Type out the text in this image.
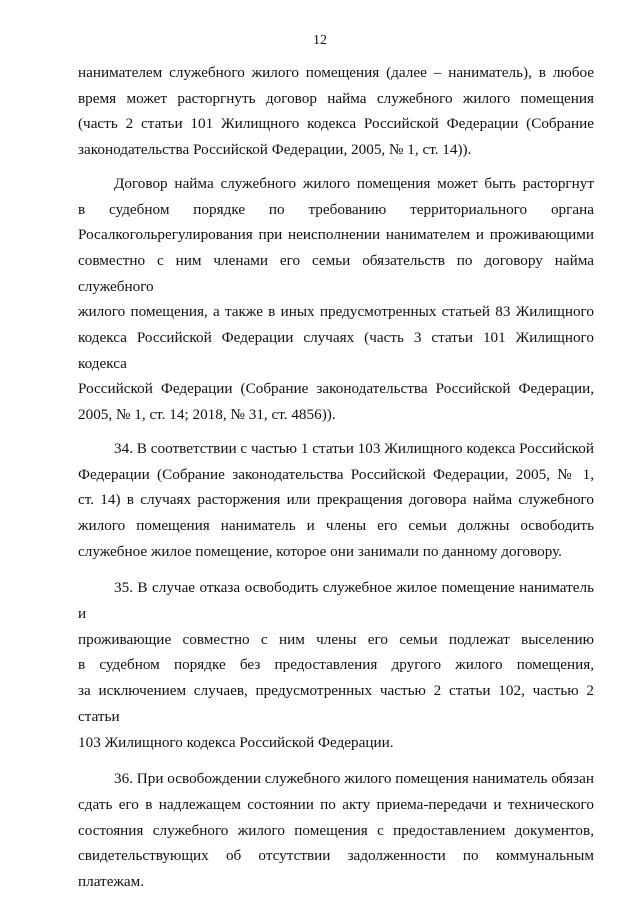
12

нанимателем служебного жилого помещения (далее – наниматель), в любое
время может расторгнуть договор найма служебного жилого помещения
(часть 2 статьи 101 Жилищного кодекса Российской Федерации (Собрание
законодательства Российской Федерации, 2005, № 1, ст. 14)).

Договор найма служебного жилого помещения может быть расторгнут
в судебном порядке по требованию территориального органа
Росалкогольрегулирования при неисполнении нанимателем и проживающими
совместно с ним членами его семьи обязательств по договору найма служебного
жилого помещения, а также в иных предусмотренных статьей 83 Жилищного
кодекса Российской Федерации случаях (часть 3 статьи 101 Жилищного кодекса
Российской Федерации (Собрание законодательства Российской Федерации,
2005, № 1, ст. 14; 2018, № 31, ст. 4856)).

34. В соответствии с частью 1 статьи 103 Жилищного кодекса Российской
Федерации (Собрание законодательства Российской Федерации, 2005, № 1,
ст. 14) в случаях расторжения или прекращения договора найма служебного
жилого помещения наниматель и члены его семьи должны освободить
служебное жилое помещение, которое они занимали по данному договору.

35. В случае отказа освободить служебное жилое помещение наниматель и
проживающие совместно с ним члены его семьи подлежат выселению
в судебном порядке без предоставления другого жилого помещения,
за исключением случаев, предусмотренных частью 2 статьи 102, частью 2 статьи
103 Жилищного кодекса Российской Федерации.

36. При освобождении служебного жилого помещения наниматель обязан
сдать его в надлежащем состоянии по акту приема-передачи и технического
состояния служебного жилого помещения с предоставлением документов,
свидетельствующих об отсутствии задолженности по коммунальным платежам.
